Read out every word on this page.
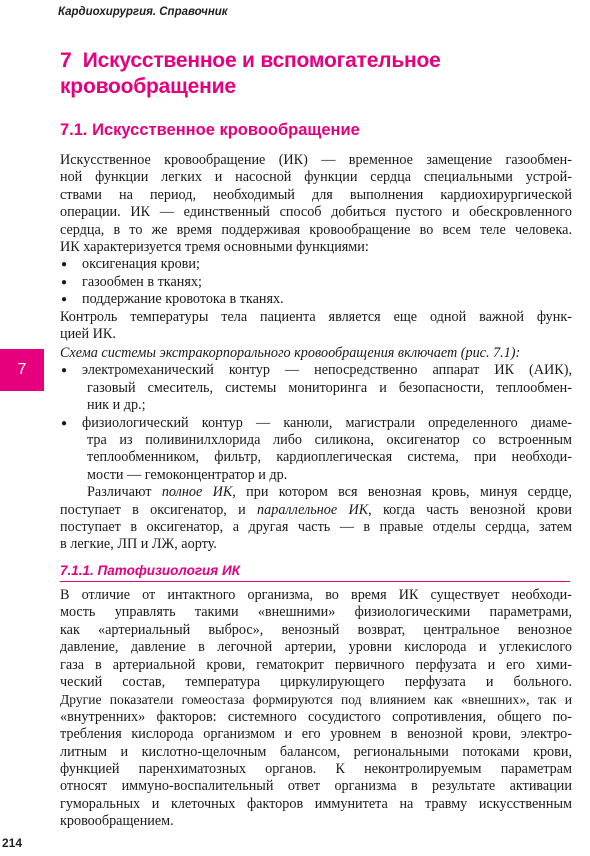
Кардиохирургия. Справочник
7  Искусственное и вспомогательное
кровообращение
7.1. Искусственное кровообращение
Искусственное кровообращение (ИК) — временное замещение газообмен-
ной функции легких и насосной функции сердца специальными устрой-
ствами на период, необходимый для выполнения кардиохирургической
операции. ИК — единственный способ добиться пустого и обескровленного
сердца, в то же время поддерживая кровообращение во всем теле человека.
ИК характеризуется тремя основными функциями:
● оксигенация крови;
● газообмен в тканях;
● поддержание кровотока в тканях.
Контроль температуры тела пациента является еще одной важной функ-
цией ИК.
Схема системы экстракорпорального кровообращения включает (рис. 7.1):
● электромеханический контур — непосредственно аппарат ИК (АИК),
газовый смеситель, системы мониторинга и безопасности, теплообмен-
ник и др.;
● физиологический контур — канюли, магистрали определенного диаме-
тра из поливинилхлорида либо силикона, оксигенатор со встроенным
теплообменником, фильтр, кардиоплегическая система, при необходи-
мости — гемоконцентратор и др.
Различают полное ИК, при котором вся венозная кровь, минуя сердце,
поступает в оксигенатор, и параллельное ИК, когда часть венозной крови
поступает в оксигенатор, а другая часть — в правые отделы сердца, затем
в легкие, ЛП и ЛЖ, аорту.
7
7.1.1. Патофизиология ИК
В отличие от интактного организма, во время ИК существует необходи-
мость управлять такими «внешними» физиологическими параметрами,
как «артериальный выброс», венозный возврат, центральное венозное
давление, давление в легочной артерии, уровни кислорода и углекислого
газа в артериальной крови, гематокрит первичного перфузата и его хими-
ческий состав, температура циркулирующего перфузата и больного.
Другие показатели гомеостаза формируются под влиянием как «внешних», так и
«внутренних» факторов: системного сосудистого сопротивления, общего по-
требления кислорода организмом и его уровнем в венозной крови, электро-
литным и кислотно-щелочным балансом, региональными потоками крови,
функцией паренхиматозных органов. К неконтролируемым параметрам
относят иммуно-воспалительный ответ организма в результате активации
гуморальных и клеточных факторов иммунитета на травму искусственным
кровообращением.
214
